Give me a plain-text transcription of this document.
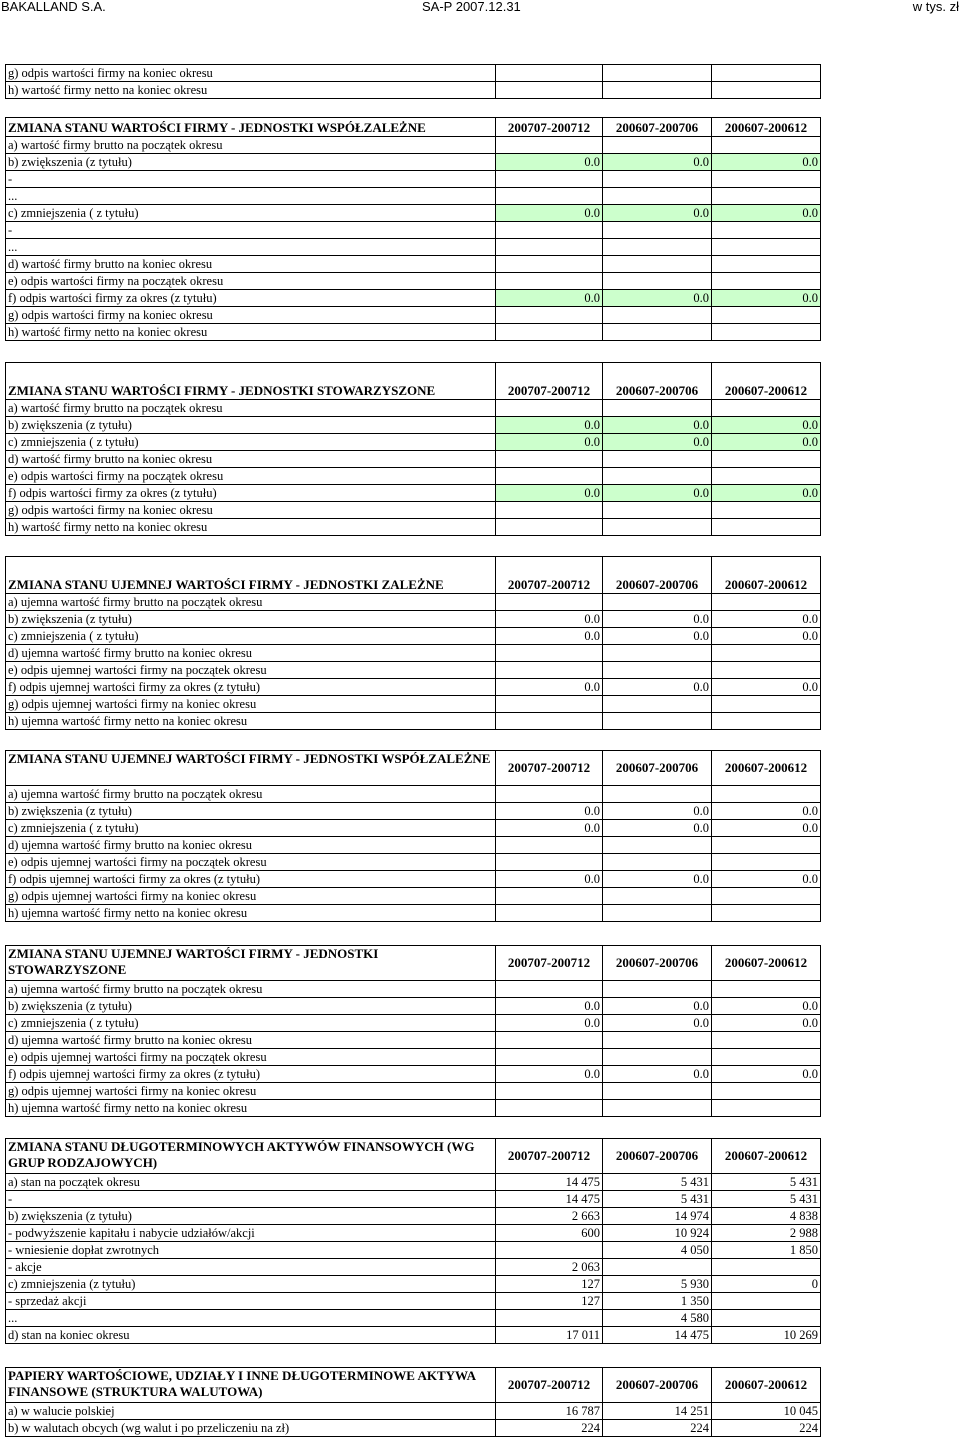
BAKALLAND S.A.	SA-P 2007.12.31	w tys. zł
g) odpis wartości firmy na koniec okresu			
h) wartość firmy netto na koniec okresu			
ZMIANA STANU WARTOŚCI FIRMY - JEDNOSTKI WSPÓŁZALEŻNE	200707-200712	200607-200706	200607-200612
a) wartość firmy brutto na początek okresu			
b) zwiększenia (z tytułu)	0.0	0.0	0.0
-			
...			
c) zmniejszenia ( z tytułu)	0.0	0.0	0.0
-			
...			
d) wartość firmy brutto na koniec okresu			
e) odpis wartości firmy na początek okresu			
f) odpis wartości firmy za okres (z tytułu)	0.0	0.0	0.0
g) odpis wartości firmy na koniec okresu			
h) wartość firmy netto na koniec okresu			
ZMIANA STANU WARTOŚCI FIRMY - JEDNOSTKI STOWARZYSZONE	200707-200712	200607-200706	200607-200612
a) wartość firmy brutto na początek okresu			
b) zwiększenia (z tytułu)	0.0	0.0	0.0
c) zmniejszenia ( z tytułu)	0.0	0.0	0.0
d) wartość firmy brutto na koniec okresu			
e) odpis wartości firmy na początek okresu			
f) odpis wartości firmy za okres (z tytułu)	0.0	0.0	0.0
g) odpis wartości firmy na koniec okresu			
h) wartość firmy netto na koniec okresu			
ZMIANA STANU UJEMNEJ WARTOŚCI FIRMY - JEDNOSTKI ZALEŻNE	200707-200712	200607-200706	200607-200612
a) ujemna wartość firmy brutto na początek okresu			
b) zwiększenia (z tytułu)	0.0	0.0	0.0
c) zmniejszenia ( z tytułu)	0.0	0.0	0.0
d) ujemna wartość firmy brutto na koniec okresu			
e) odpis ujemnej wartości firmy na początek okresu			
f) odpis ujemnej wartości firmy za okres (z tytułu)	0.0	0.0	0.0
g) odpis ujemnej wartości firmy na koniec okresu			
h) ujemna wartość firmy netto na koniec okresu			
ZMIANA STANU UJEMNEJ WARTOŚCI FIRMY - JEDNOSTKI WSPÓŁZALEŻNE	200707-200712	200607-200706	200607-200612
a) ujemna wartość firmy brutto na początek okresu			
b) zwiększenia (z tytułu)	0.0	0.0	0.0
c) zmniejszenia ( z tytułu)	0.0	0.0	0.0
d) ujemna wartość firmy brutto na koniec okresu			
e) odpis ujemnej wartości firmy na początek okresu			
f) odpis ujemnej wartości firmy za okres (z tytułu)	0.0	0.0	0.0
g) odpis ujemnej wartości firmy na koniec okresu			
h) ujemna wartość firmy netto na koniec okresu			
ZMIANA STANU UJEMNEJ WARTOŚCI FIRMY - JEDNOSTKI STOWARZYSZONE	200707-200712	200607-200706	200607-200612
a) ujemna wartość firmy brutto na początek okresu			
b) zwiększenia (z tytułu)	0.0	0.0	0.0
c) zmniejszenia ( z tytułu)	0.0	0.0	0.0
d) ujemna wartość firmy brutto na koniec okresu			
e) odpis ujemnej wartości firmy na początek okresu			
f) odpis ujemnej wartości firmy za okres (z tytułu)	0.0	0.0	0.0
g) odpis ujemnej wartości firmy na koniec okresu			
h) ujemna wartość firmy netto na koniec okresu			
ZMIANA STANU DŁUGOTERMINOWYCH AKTYWÓW FINANSOWYCH (WG GRUP RODZAJOWYCH)	200707-200712	200607-200706	200607-200612
a) stan na początek okresu	14 475	5 431	5 431
-	14 475	5 431	5 431
b) zwiększenia (z tytułu)	2 663	14 974	4 838
- podwyższenie kapitału i nabycie udziałów/akcji	600	10 924	2 988
- wniesienie dopłat zwrotnych		4 050	1 850
- akcje	2 063		
c) zmniejszenia (z tytułu)	127	5 930	0
- sprzedaż akcji	127	1 350	
...		4 580	
d) stan na koniec okresu	17 011	14 475	10 269
PAPIERY WARTOŚCIOWE, UDZIAŁY I INNE DŁUGOTERMINOWE AKTYWA FINANSOWE (STRUKTURA WALUTOWA)	200707-200712	200607-200706	200607-200612
a) w walucie polskiej	16 787	14 251	10 045
b) w walutach obcych (wg walut i po przeliczeniu na zł)	224	224	224
